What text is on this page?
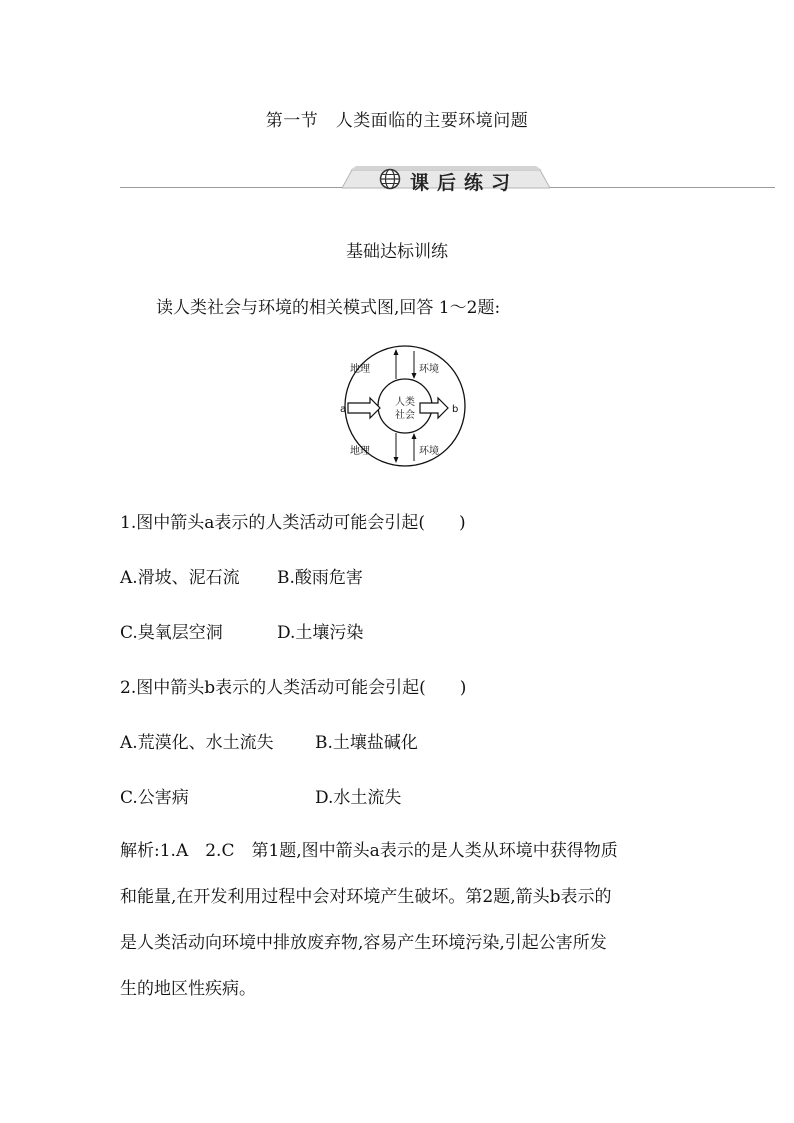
第一节　人类面临的主要环境问题
课后练习
基础达标训练
读人类社会与环境的相关模式图,回答 1～2题:
地理	环境
地理	环境
人类
社会
a	b
1.图中箭头a表示的人类活动可能会引起(　　)
A.滑坡、泥石流 B.酸雨危害
C.臭氧层空洞	D.土壤污染
2.图中箭头b表示的人类活动可能会引起(　　)
A.荒漠化、水土流失 B.土壤盐碱化
C.公害病	D.水土流失

解析:1.A　2.C　第1题,图中箭头a表示的是人类从环境中获得物质

和能量,在开发利用过程中会对环境产生破坏。第2题,箭头b表示的

是人类活动向环境中排放废弃物,容易产生环境污染,引起公害所发

生的地区性疾病。
